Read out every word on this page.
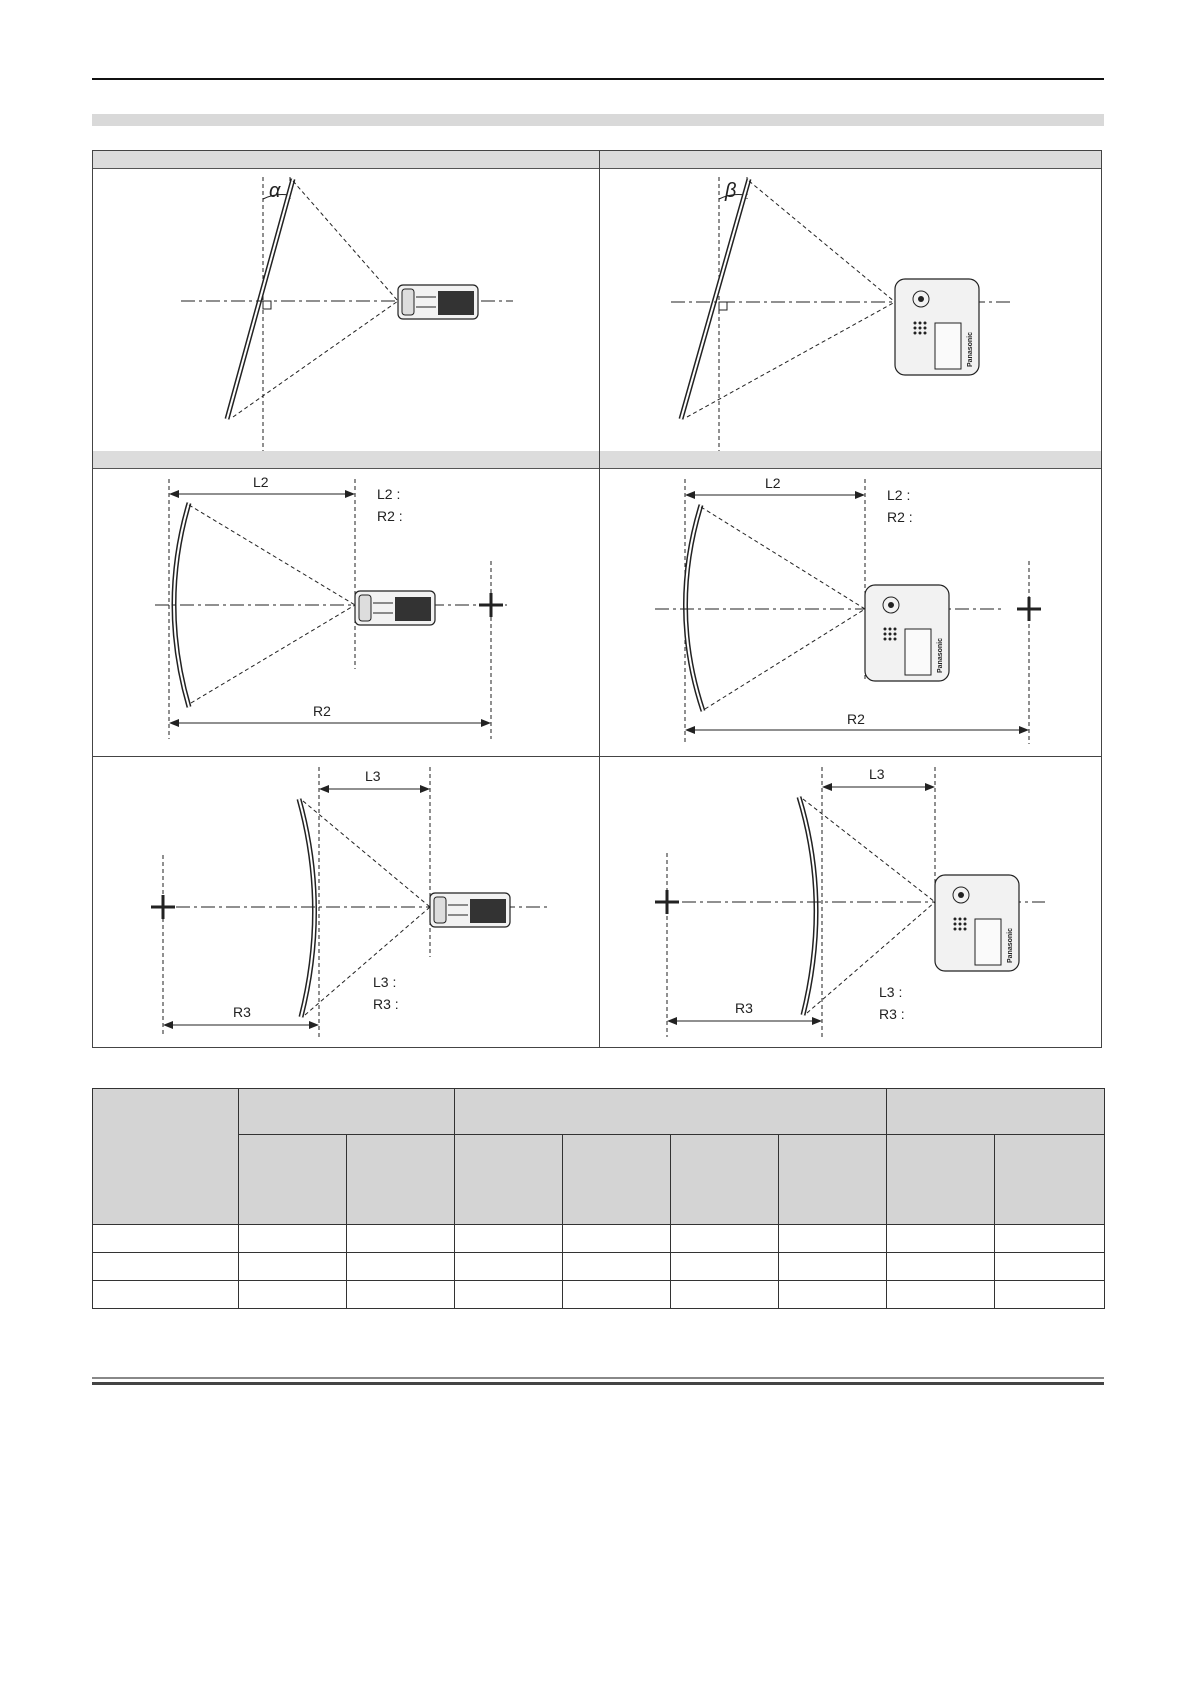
α	β
Panasonic
L2
L2 :
R2 :
R2
L2
L2 :
R2 :
Panasonic
R2
L3
L3 :
R3 :
R3
L3
Panasonic
L3 :
R3 :
R3
